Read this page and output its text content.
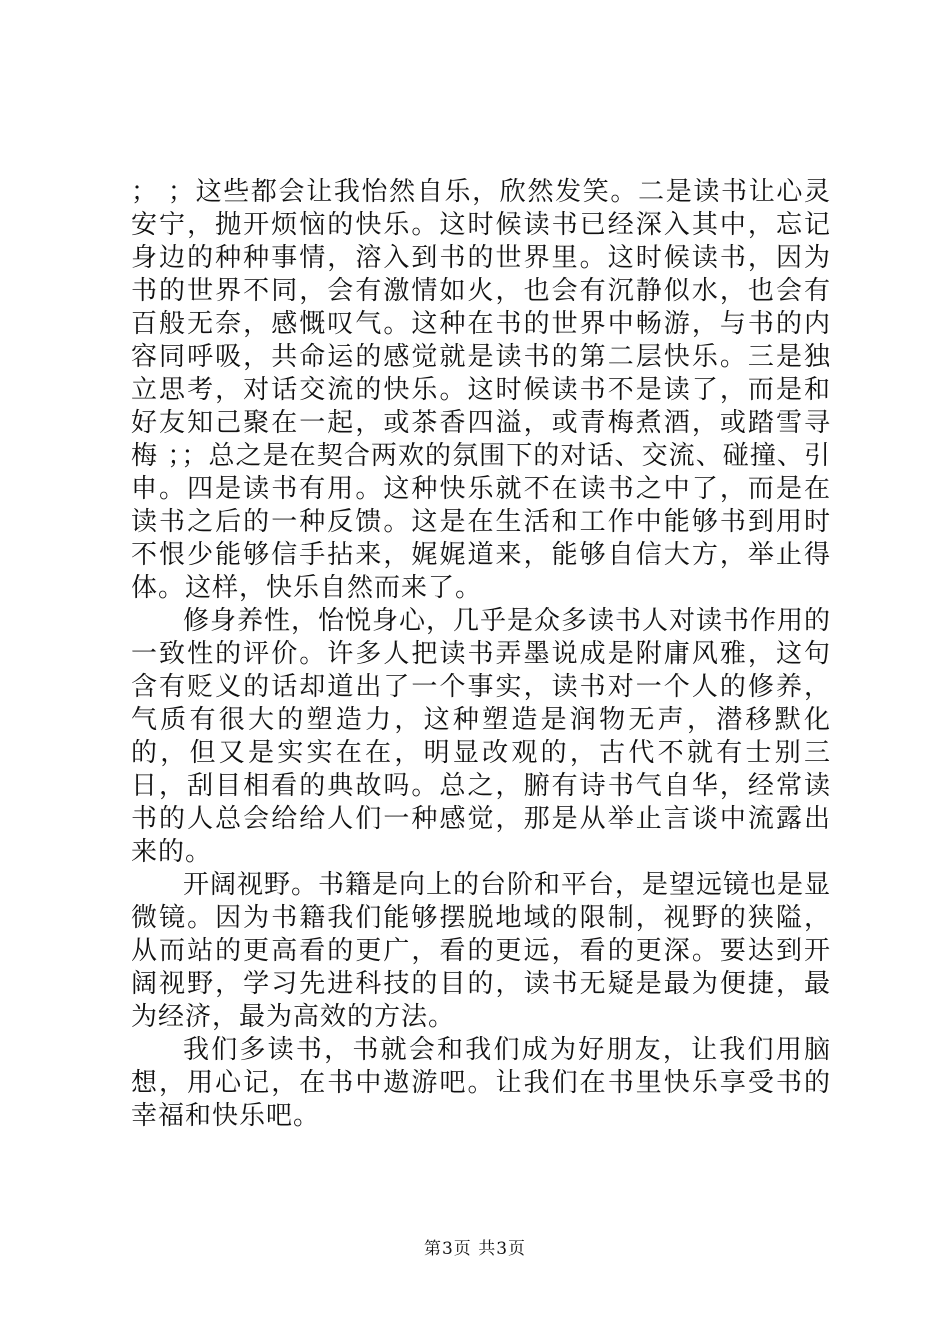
； ；这些都会让我怡然自乐，欣然发笑。二是读书让心灵安宁，抛开烦恼的快乐。这时候读书已经深入其中，忘记身边的种种事情，溶入到书的世界里。这时候读书，因为书的世界不同，会有激情如火，也会有沉静似水，也会有百般无奈，感慨叹气。这种在书的世界中畅游，与书的内容同呼吸，共命运的感觉就是读书的第二层快乐。三是独立思考，对话交流的快乐。这时候读书不是读了，而是和好友知己聚在一起，或茶香四溢，或青梅煮酒，或踏雪寻梅 ；；总之是在契合两欢的氛围下的对话、交流、碰撞、引申。四是读书有用。这种快乐就不在读书之中了，而是在读书之后的一种反馈。这是在生活和工作中能够书到用时不恨少能够信手拈来，娓娓道来，能够自信大方，举止得体。这样，快乐自然而来了。

修身养性，怡悦身心，几乎是众多读书人对读书作用的一致性的评价。许多人把读书弄墨说成是附庸风雅，这句含有贬义的话却道出了一个事实，读书对一个人的修养，气质有很大的塑造力，这种塑造是润物无声，潜移默化的，但又是实实在在，明显改观的，古代不就有士别三日，刮目相看的典故吗。总之，腑有诗书气自华，经常读书的人总会给给人们一种感觉，那是从举止言谈中流露出来的。

开阔视野。书籍是向上的台阶和平台，是望远镜也是显微镜。因为书籍我们能够摆脱地域的限制，视野的狭隘，从而站的更高看的更广，看的更远，看的更深。要达到开阔视野，学习先进科技的目的，读书无疑是最为便捷，最为经济，最为高效的方法。

我们多读书，书就会和我们成为好朋友，让我们用脑想，用心记，在书中遨游吧。让我们在书里快乐享受书的幸福和快乐吧。

第3页 共3页
